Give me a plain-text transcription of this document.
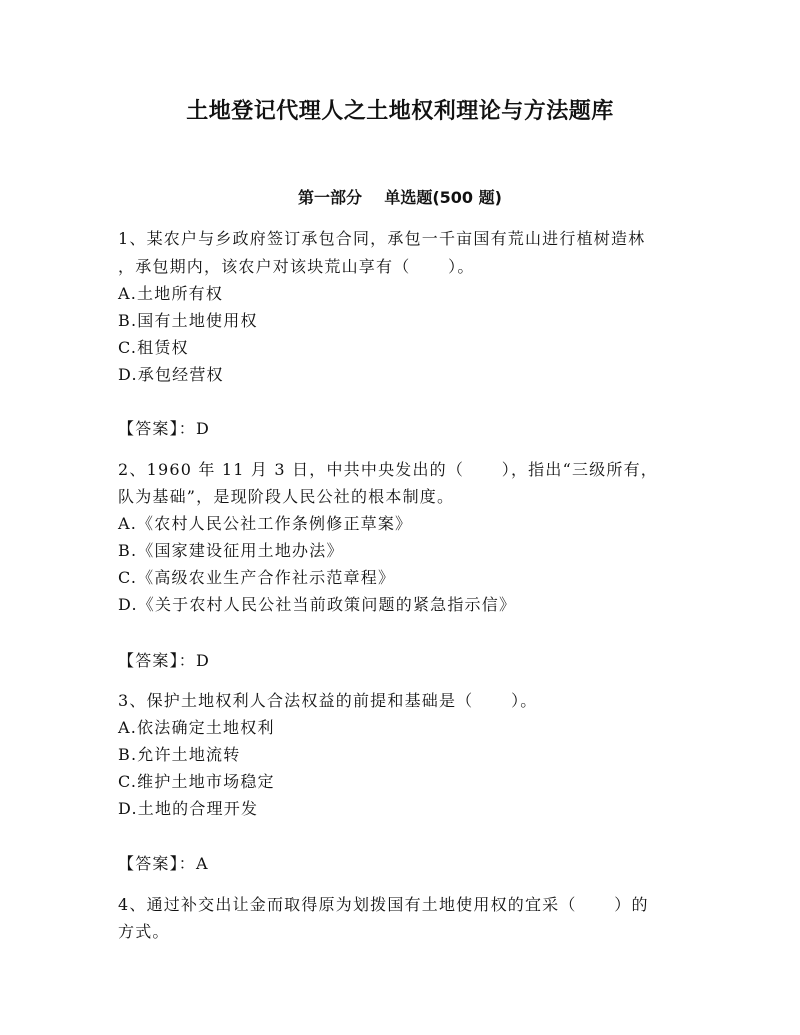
土地登记代理人之土地权利理论与方法题库
第一部分    单选题(500 题)
1、某农户与乡政府签订承包合同，承包一千亩国有荒山进行植树造林
，承包期内，该农户对该块荒山享有（      ）。
A.土地所有权
B.国有土地使用权
C.租赁权
D.承包经营权
【答案】：D
2、1960 年 11 月 3 日，中共中央发出的（      ），指出“三级所有，
队为基础”，是现阶段人民公社的根本制度。
A.《农村人民公社工作条例修正草案》
B.《国家建设征用土地办法》
C.《高级农业生产合作社示范章程》
D.《关于农村人民公社当前政策问题的紧急指示信》
【答案】：D
3、保护土地权利人合法权益的前提和基础是（      ）。
A.依法确定土地权利
B.允许土地流转
C.维护土地市场稳定
D.土地的合理开发
【答案】：A
4、通过补交出让金而取得原为划拨国有土地使用权的宜采（      ）的
方式。
